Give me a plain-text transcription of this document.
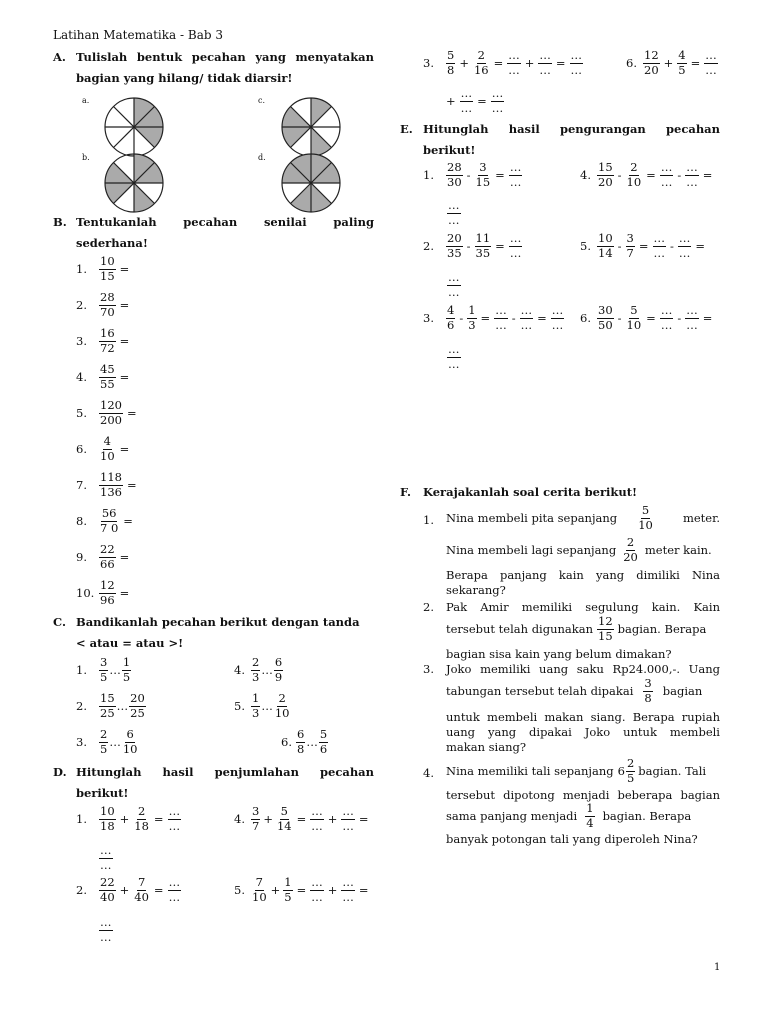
Latihan Matematika - Bab 3
A. Tulislah bentuk pecahan yang menyatakan
bagian yang hilang/ tidak diarsir!
a.	c.
b.	d.
B. Tentukanlah pecahan senilai paling
sederhana!
1.	$\frac{10}{15}$ =
2.	$\frac{28}{70}$ =
3.	$\frac{16}{72}$ =
4.	$\frac{45}{55}$ =
5.	$\frac{120}{200}$ =
6.	$\frac{4}{10}$ =
7.	$\frac{118}{136}$ =
8.	$\frac{56}{7 0}$ =
9.	$\frac{22}{66}$ =
10. $\frac{12}{96}$ =
C. Bandikanlah pecahan berikut dengan tanda
< atau = atau >!
1.	$\frac{3}{5}$ … $\frac{1}{5}$	4. $\frac{2}{3}$ … $\frac{6}{9}$
2.	$\frac{15}{25}$ … $\frac{20}{25}$	5. $\frac{1}{3}$ … $\frac{2}{10}$
3.	$\frac{2}{5}$ … $\frac{6}{10}$	6. $\frac{6}{8}$ … $\frac{5}{6}$
D. Hitunglah hasil penjumlahan pecahan
berikut!
1.	$\frac{10}{18} + \frac{2}{18} = \frac{\dots}{\dots}$
$\frac{\dots}{\dots}$
4. $\frac{3}{7} + \frac{5}{14} = \frac{\dots}{\dots} + \frac{\dots}{\dots}$ =
2.	$\frac{22}{40} + \frac{7}{40} = \frac{\dots}{\dots}$
$\frac{\dots}{\dots}$
5. $\frac{7}{10} + \frac{1}{5} = \frac{\dots}{\dots} + \frac{\dots}{\dots}$ =
3.	$\frac{5}{8} + \frac{2}{16} = \frac{\dots}{\dots} + \frac{\dots}{\dots} = \frac{\dots}{\dots}$
+ $\frac{\dots}{\dots} = \frac{\dots}{\dots}$
6. $\frac{12}{20} + \frac{4}{5} = \frac{\dots}{\dots}$
E. Hitunglah hasil pengurangan pecahan
berikut!
1.	$\frac{28}{30} - \frac{3}{15} = \frac{\dots}{\dots}$	4. $\frac{15}{20} - \frac{2}{10} = \frac{\dots}{\dots} - \frac{\dots}{\dots}$ =
2.	$\frac{20}{35} - \frac{11}{35} = \frac{\dots}{\dots}$	5. $\frac{10}{14} - \frac{3}{7} = \frac{\dots}{\dots} - \frac{\dots}{\dots}$ =
3.	$\frac{4}{6} - \frac{1}{3} = \frac{\dots}{\dots} - \frac{\dots}{\dots} = \frac{\dots}{\dots} 6$. $\frac{30}{50} - \frac{5}{10} = \frac{\dots}{\dots} - \frac{\dots}{\dots}$ =
$\frac{\dots}{\dots}$
$\frac{\dots}{\dots}$
$\frac{\dots}{\dots}$
F. Kerajakanlah soal cerita berikut!
1. Nina membeli pita sepanjang $\frac{5}{10}$	meter.
Nina membeli lagi sepanjang $\frac{2}{20}$ meter kain.
Berapa panjang kain yang dimiliki Nina
sekarang?
2. Pak Amir memiliki segulung kain. Kain
tersebut telah digunakan $\frac{12}{15}$ bagian. Berapa
bagian sisa kain yang belum dimakan?
3. Joko memiliki uang saku Rp24.000,-. Uang
tabungan tersebut telah dipakai $\frac{3}{8}$ bagian
untuk membeli makan siang. Berapa rupiah
uang yang dipakai Joko untuk membeli
makan siang?
4. Nina memiliki tali sepanjang $6 \frac{2}{5}$ bagian. Tali
tersebut dipotong menjadi beberapa bagian
sama panjang menjadi $\frac{1}{4}$ bagian. Berapa
banyak potongan tali yang diperoleh Nina?
1
